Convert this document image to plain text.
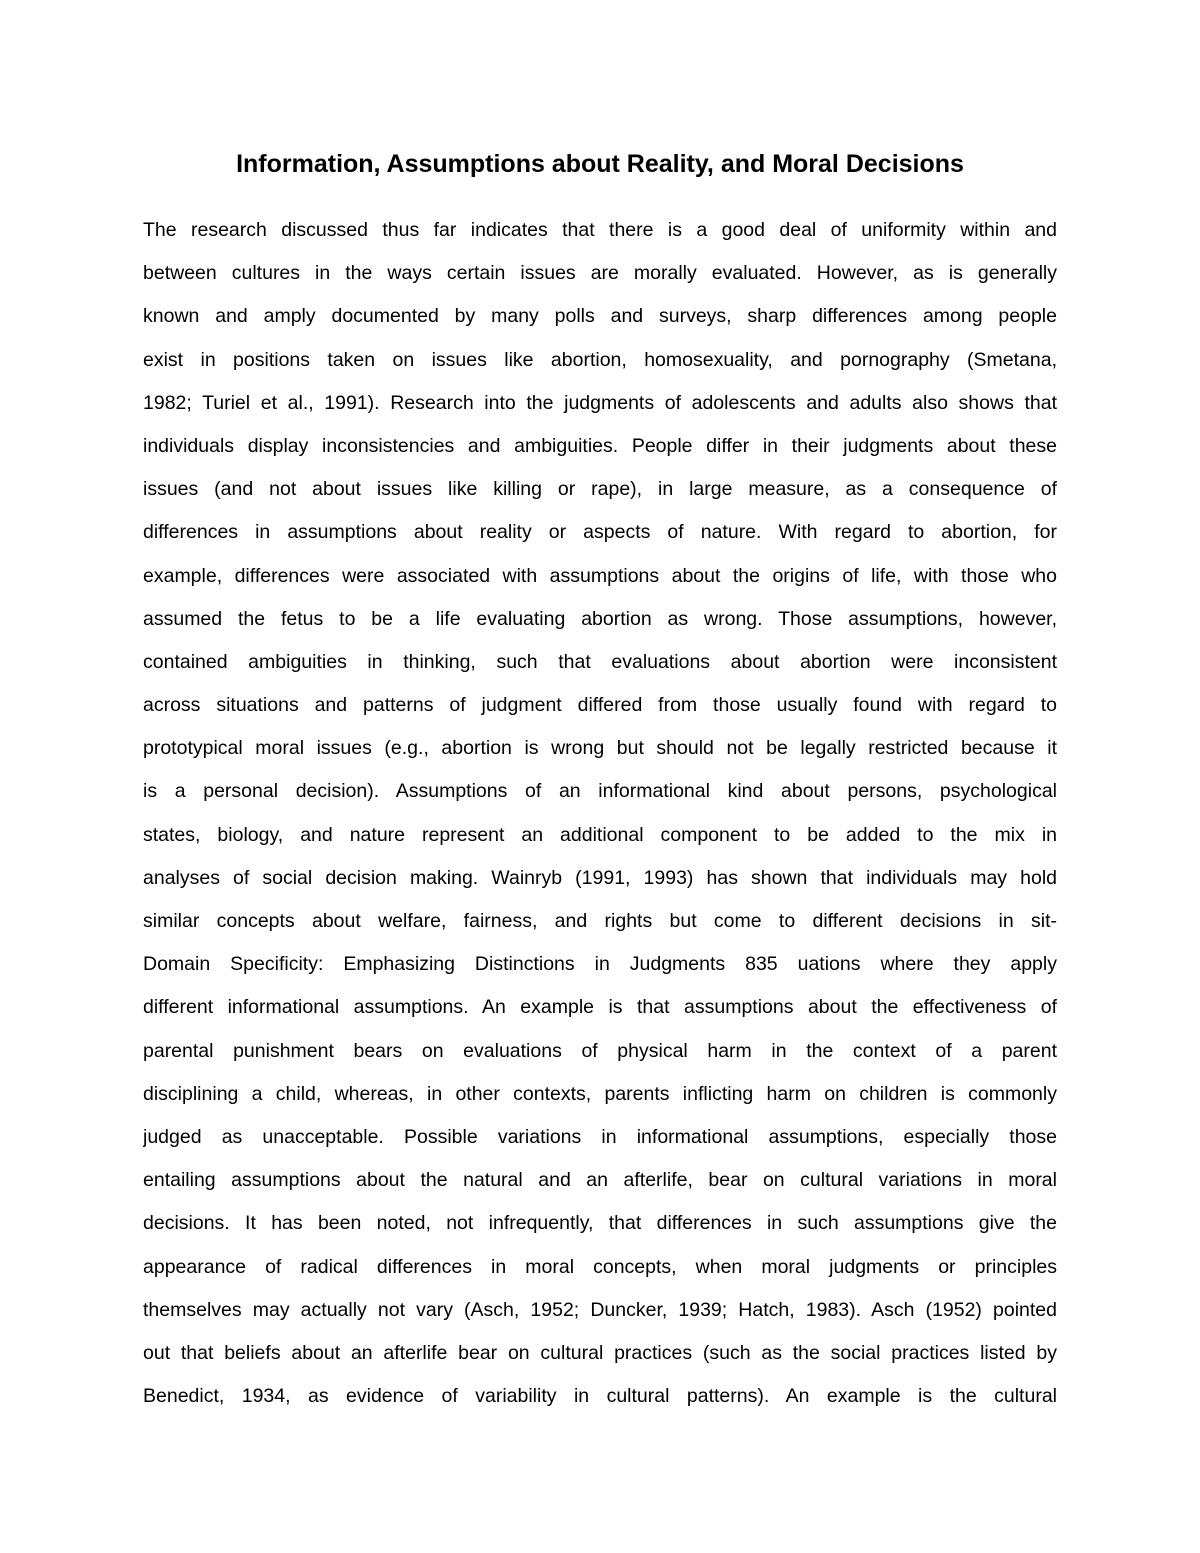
Information, Assumptions about Reality, and Moral Decisions
The research discussed thus far indicates that there is a good deal of uniformity within and
between cultures in the ways certain issues are morally evaluated. However, as is generally
known and amply documented by many polls and surveys, sharp differences among people
exist in positions taken on issues like abortion, homosexuality, and pornography (Smetana,
1982; Turiel et al., 1991). Research into the judgments of adolescents and adults also shows that
individuals display inconsistencies and ambiguities. People differ in their judgments about these
issues (and not about issues like killing or rape), in large measure, as a consequence of
differences in assumptions about reality or aspects of nature. With regard to abortion, for
example, differences were associated with assumptions about the origins of life, with those who
assumed the fetus to be a life evaluating abortion as wrong. Those assumptions, however,
contained ambiguities in thinking, such that evaluations about abortion were inconsistent
across situations and patterns of judgment differed from those usually found with regard to
prototypical moral issues (e.g., abortion is wrong but should not be legally restricted because it
is a personal decision). Assumptions of an informational kind about persons, psychological
states, biology, and nature represent an additional component to be added to the mix in
analyses of social decision making. Wainryb (1991, 1993) has shown that individuals may hold
similar concepts about welfare, fairness, and rights but come to different decisions in sit-
Domain Specificity: Emphasizing Distinctions in Judgments 835 uations where they apply
different informational assumptions. An example is that assumptions about the effectiveness of
parental punishment bears on evaluations of physical harm in the context of a parent
disciplining a child, whereas, in other contexts, parents inflicting harm on children is commonly
judged as unacceptable. Possible variations in informational assumptions, especially those
entailing assumptions about the natural and an afterlife, bear on cultural variations in moral
decisions. It has been noted, not infrequently, that differences in such assumptions give the
appearance of radical differences in moral concepts, when moral judgments or principles
themselves may actually not vary (Asch, 1952; Duncker, 1939; Hatch, 1983). Asch (1952) pointed
out that beliefs about an afterlife bear on cultural practices (such as the social practices listed by
Benedict, 1934, as evidence of variability in cultural patterns). An example is the cultural
